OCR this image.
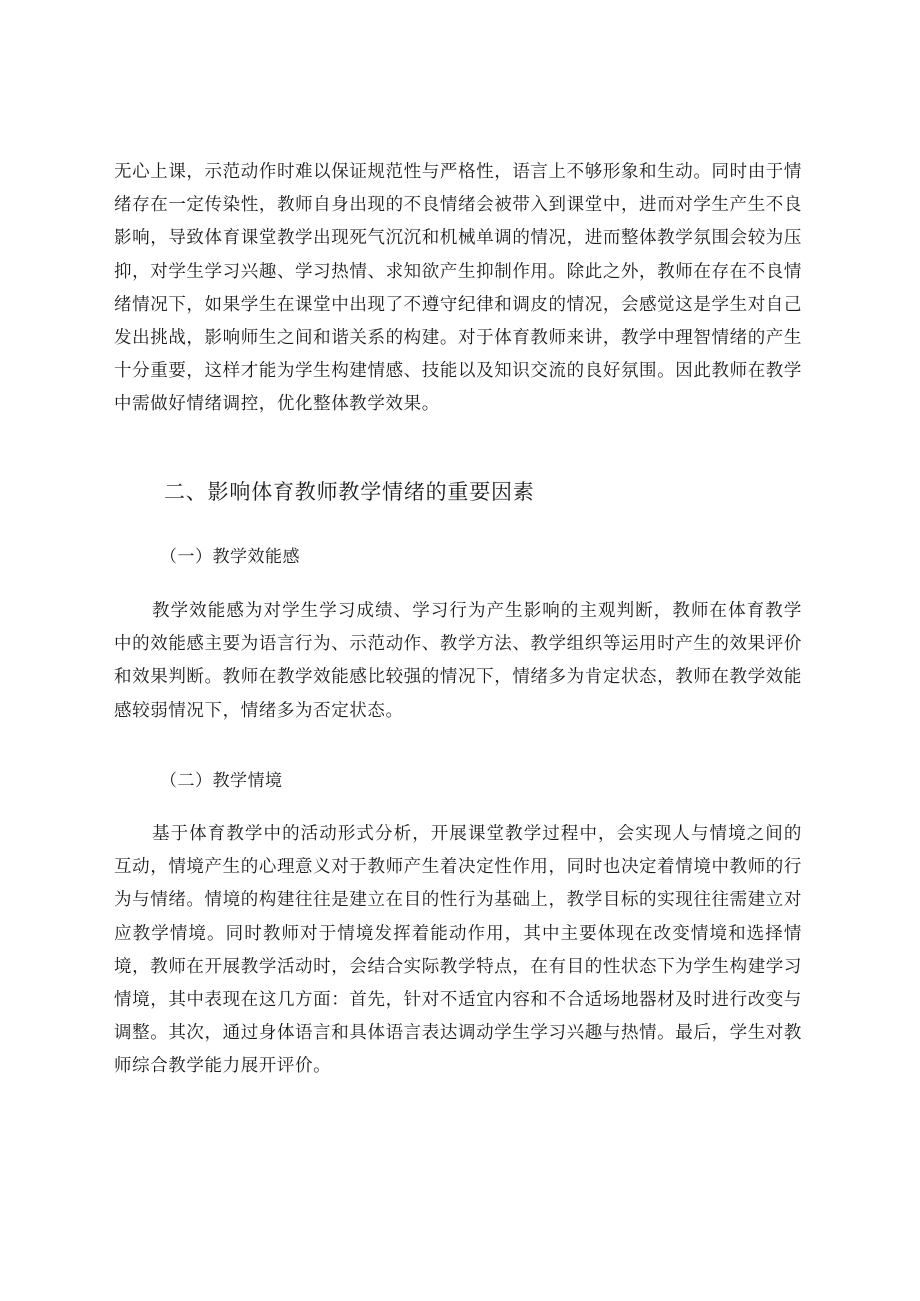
无心上课，示范动作时难以保证规范性与严格性，语言上不够形象和生动。同时由于情绪存在一定传染性，教师自身出现的不良情绪会被带入到课堂中，进而对学生产生不良影响，导致体育课堂教学出现死气沉沉和机械单调的情况，进而整体教学氛围会较为压抑，对学生学习兴趣、学习热情、求知欲产生抑制作用。除此之外，教师在存在不良情绪情况下，如果学生在课堂中出现了不遵守纪律和调皮的情况，会感觉这是学生对自己发出挑战，影响师生之间和谐关系的构建。对于体育教师来讲，教学中理智情绪的产生十分重要，这样才能为学生构建情感、技能以及知识交流的良好氛围。因此教师在教学中需做好情绪调控，优化整体教学效果。

二、影响体育教师教学情绪的重要因素
（一）教学效能感

教学效能感为对学生学习成绩、学习行为产生影响的主观判断，教师在体育教学中的效能感主要为语言行为、示范动作、教学方法、教学组织等运用时产生的效果评价和效果判断。教师在教学效能感比较强的情况下，情绪多为肯定状态，教师在教学效能感较弱情况下，情绪多为否定状态。

（二）教学情境

基于体育教学中的活动形式分析，开展课堂教学过程中，会实现人与情境之间的互动，情境产生的心理意义对于教师产生着决定性作用，同时也决定着情境中教师的行为与情绪。情境的构建往往是建立在目的性行为基础上，教学目标的实现往往需建立对应教学情境。同时教师对于情境发挥着能动作用，其中主要体现在改变情境和选择情境，教师在开展教学活动时，会结合实际教学特点，在有目的性状态下为学生构建学习情境，其中表现在这几方面：首先，针对不适宜内容和不合适场地器材及时进行改变与调整。其次，通过身体语言和具体语言表达调动学生学习兴趣与热情。最后，学生对教师综合教学能力展开评价。
